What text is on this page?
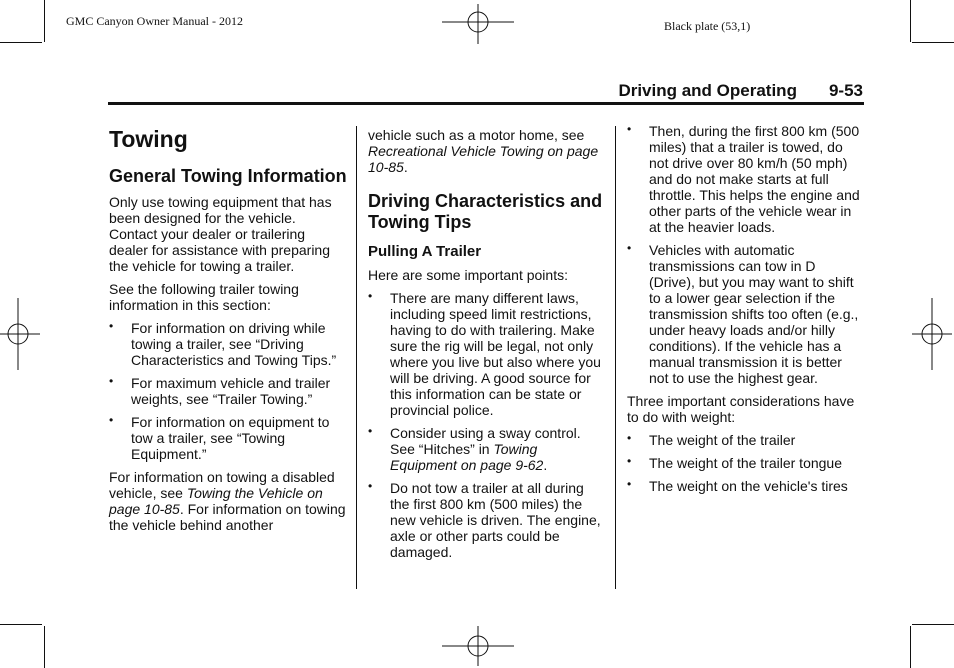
GMC Canyon Owner Manual - 2012	Black plate (53,1)
Driving and Operating 9-53
Towing
General Towing Information

Only use towing equipment that has been designed for the vehicle. Contact your dealer or trailering dealer for assistance with preparing the vehicle for towing a trailer.

See the following trailer towing information in this section:

• For information on driving while towing a trailer, see “Driving Characteristics and Towing Tips.”
• For maximum vehicle and trailer weights, see “Trailer Towing.”
• For information on equipment to tow a trailer, see “Towing Equipment.”

For information on towing a disabled vehicle, see Towing the Vehicle on page 10-85. For information on towing the vehicle behind another

vehicle such as a motor home, see Recreational Vehicle Towing on page 10-85.

Driving Characteristics and Towing Tips
Pulling A Trailer

Here are some important points:

• There are many different laws, including speed limit restrictions, having to do with trailering. Make sure the rig will be legal, not only where you live but also where you will be driving. A good source for this information can be state or provincial police.
• Consider using a sway control. See “Hitches” in Towing Equipment on page 9-62.
• Do not tow a trailer at all during the first 800 km (500 miles) the new vehicle is driven. The engine, axle or other parts could be damaged.
• Then, during the first 800 km (500 miles) that a trailer is towed, do not drive over 80 km/h (50 mph) and do not make starts at full throttle. This helps the engine and other parts of the vehicle wear in at the heavier loads.
• Vehicles with automatic transmissions can tow in D (Drive), but you may want to shift to a lower gear selection if the transmission shifts too often (e.g., under heavy loads and/or hilly conditions). If the vehicle has a manual transmission it is better not to use the highest gear.

Three important considerations have to do with weight:

• The weight of the trailer
• The weight of the trailer tongue
• The weight on the vehicle's tires
